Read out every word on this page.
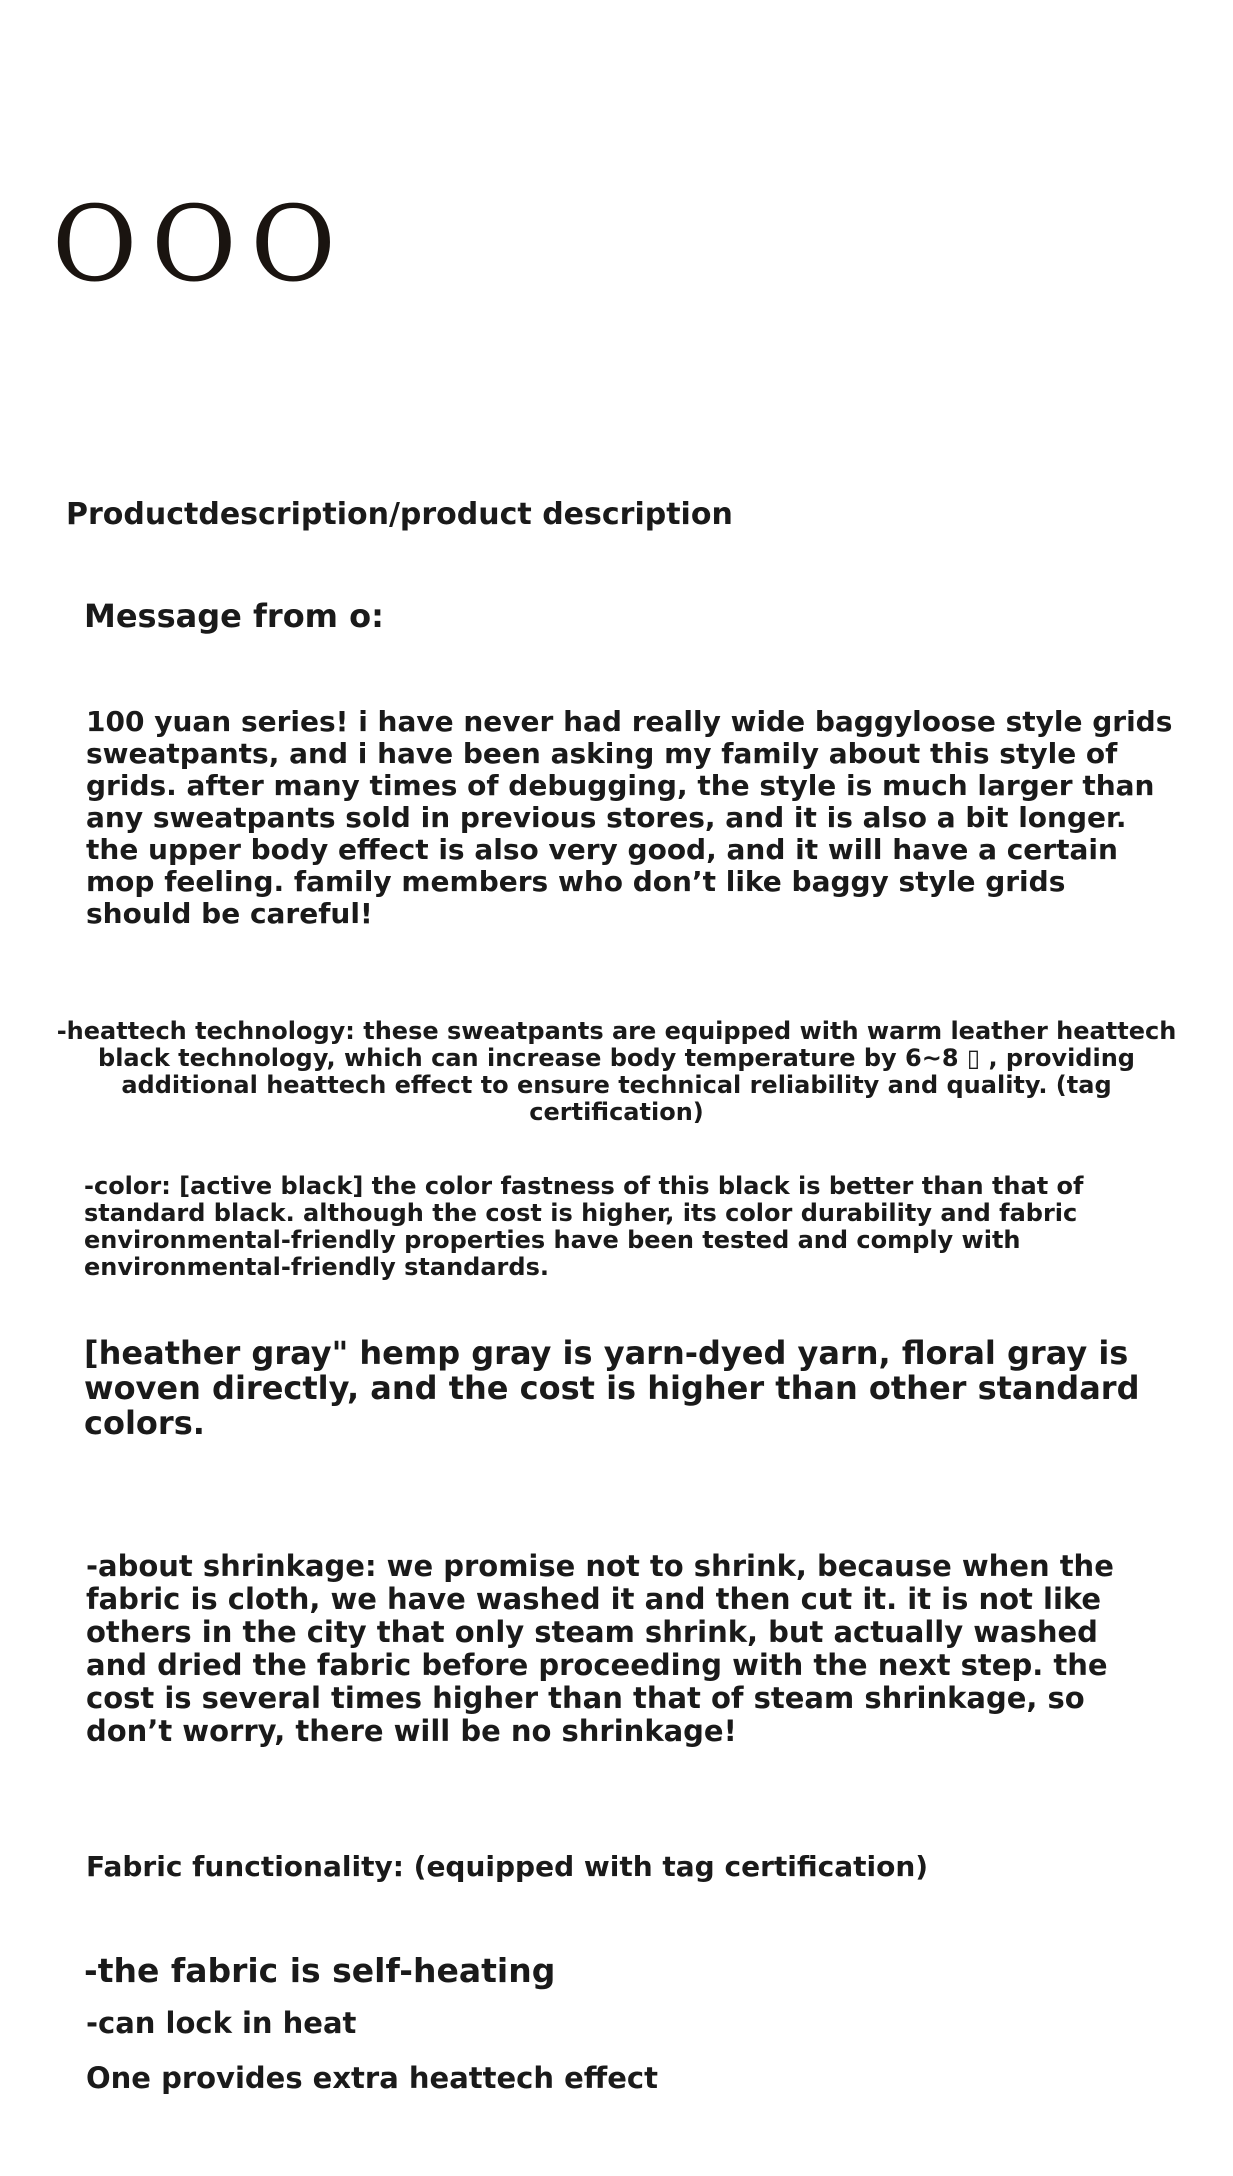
OOO
Productdescription/product description
Message from o:

100 yuan series! i have never had really wide baggyloose style grids sweatpants, and i have been asking my family about this style of grids. after many times of debugging, the style is much larger than any sweatpants sold in previous stores, and it is also a bit longer. the upper body effect is also very good, and it will have a certain mop feeling. family members who don’t like baggy style grids should be careful!

-heattech technology: these sweatpants are equipped with warm leather heattech black technology, which can increase body temperature by 6~8 ▯ , providing additional heattech effect to ensure technical reliability and quality. (tag certification)

-color: [active black] the color fastness of this black is better than that of standard black. although the cost is higher, its color durability and fabric environmental-friendly properties have been tested and comply with environmental-friendly standards.

[heather gray" hemp gray is yarn-dyed yarn, floral gray is woven directly, and the cost is higher than other standard colors.

-about shrinkage: we promise not to shrink, because when the fabric is cloth, we have washed it and then cut it. it is not like others in the city that only steam shrink, but actually washed and dried the fabric before proceeding with the next step. the cost is several times higher than that of steam shrinkage, so don’t worry, there will be no shrinkage!

Fabric functionality: (equipped with tag certification)
-the fabric is self-heating
-can lock in heat
One provides extra heattech effect
